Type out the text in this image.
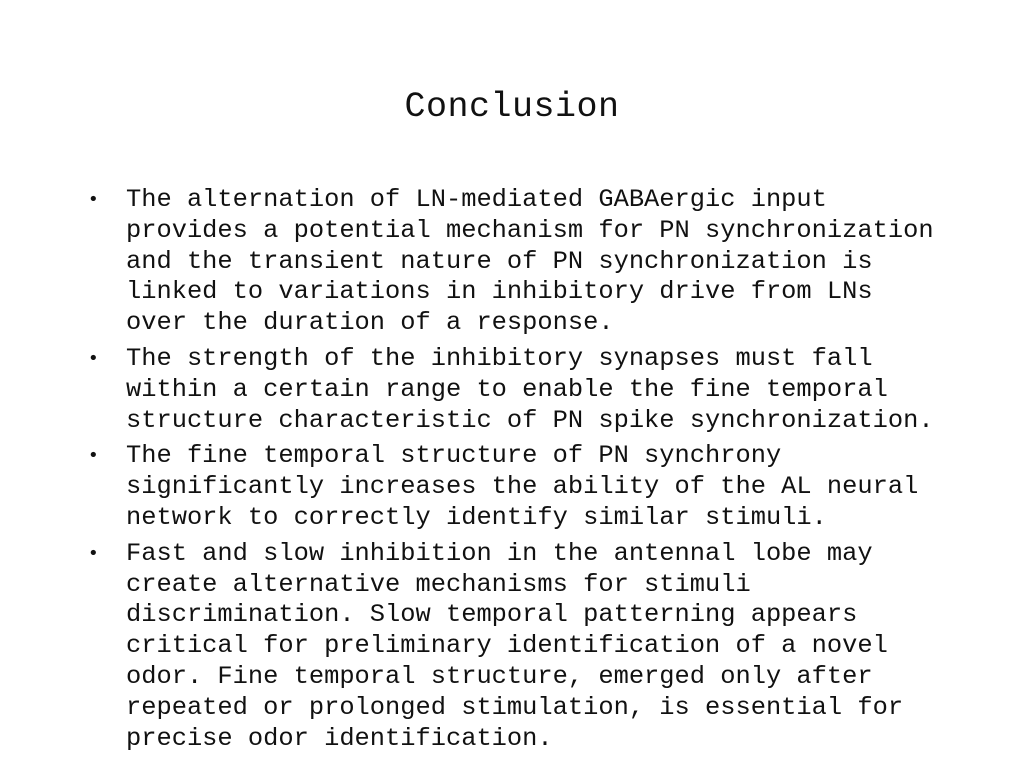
Conclusion
• The alternation of LN-mediated GABAergic input
provides a potential mechanism for PN synchronization
and the transient nature of PN synchronization is
linked to variations in inhibitory drive from LNs
over the duration of a response.
• The strength of the inhibitory synapses must fall
within a certain range to enable the fine temporal
structure characteristic of PN spike synchronization.
• The fine temporal structure of PN synchrony
significantly increases the ability of the AL neural
network to correctly identify similar stimuli.
• Fast and slow inhibition in the antennal lobe may
create alternative mechanisms for stimuli
discrimination. Slow temporal patterning appears
critical for preliminary identification of a novel
odor. Fine temporal structure, emerged only after
repeated or prolonged stimulation, is essential for
precise odor identification.
